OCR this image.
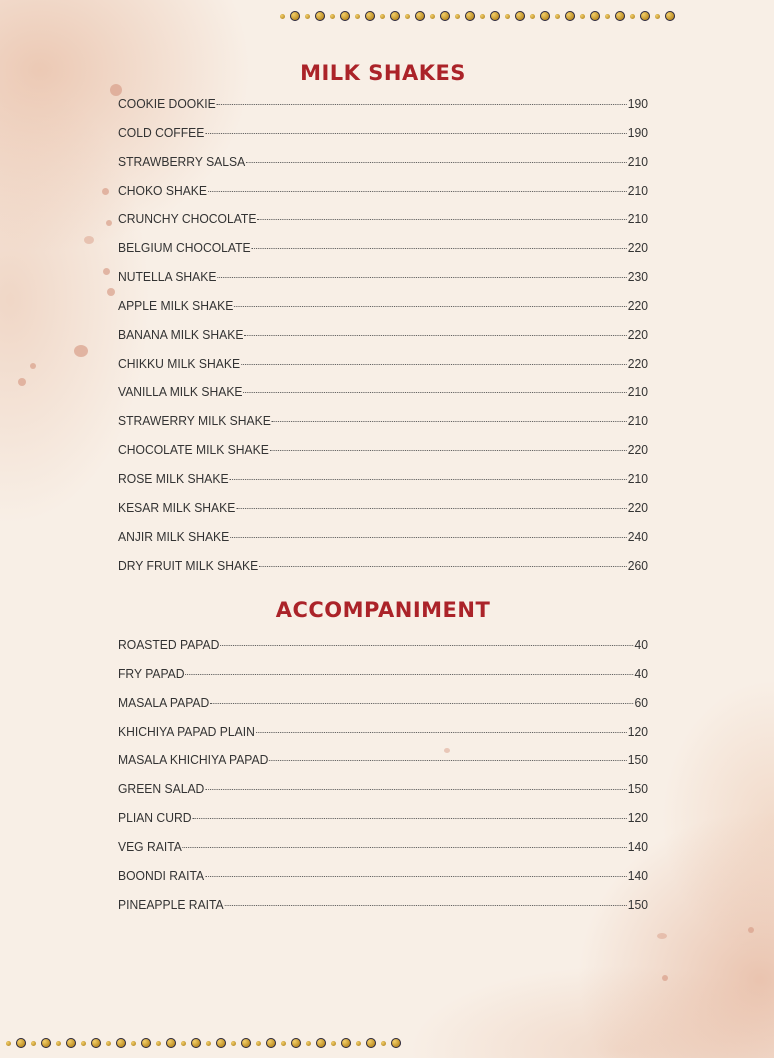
MILK SHAKES
COOKIE DOOKIE	190
COLD COFFEE	190
STRAWBERRY SALSA	210
CHOKO SHAKE	210
CRUNCHY CHOCOLATE	210
BELGIUM CHOCOLATE	220
NUTELLA SHAKE	230
APPLE MILK SHAKE	220
BANANA MILK SHAKE	220
CHIKKU MILK SHAKE	220
VANILLA MILK SHAKE	210
STRAWERRY MILK SHAKE	210
CHOCOLATE MILK SHAKE	220
ROSE MILK SHAKE	210
KESAR MILK SHAKE	220
ANJIR MILK SHAKE	240
DRY FRUIT MILK SHAKE	260
ACCOMPANIMENT
ROASTED PAPAD	40
FRY PAPAD	40
MASALA PAPAD	60
KHICHIYA PAPAD PLAIN	120
MASALA KHICHIYA PAPAD	150
GREEN SALAD	150
PLIAN CURD	120
VEG RAITA	140
BOONDI RAITA	140
PINEAPPLE RAITA	150
